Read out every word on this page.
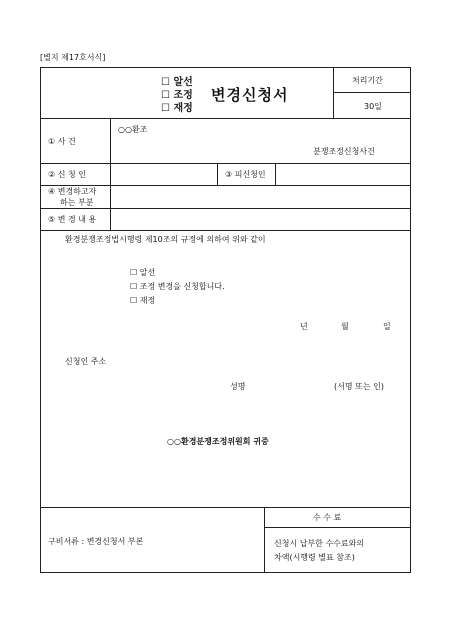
[별지 제17호서식]
☐ 알선
☐ 조정
☐ 재정
변경신청서
처리기간
30일
① 사 건
○○환조
분쟁조정신청사건
② 신 청 인	③ 피신청인
④ 변경하고자
하는 부분
⑤ 변 경 내 용
환경분쟁조정법시행령 제10조의 규정에 의하여 위와 같이
☐ 알선
☐ 조정 변경을 신청합니다.
☐ 재정
년	월	일
신청인 주소
성명	(서명 또는 인)
○○환경분쟁조정위원회 귀중
구비서류 : 변경신청서 부본
수 수 료
신청시 납부한 수수료와의
차액(시행령 별표 참조)
